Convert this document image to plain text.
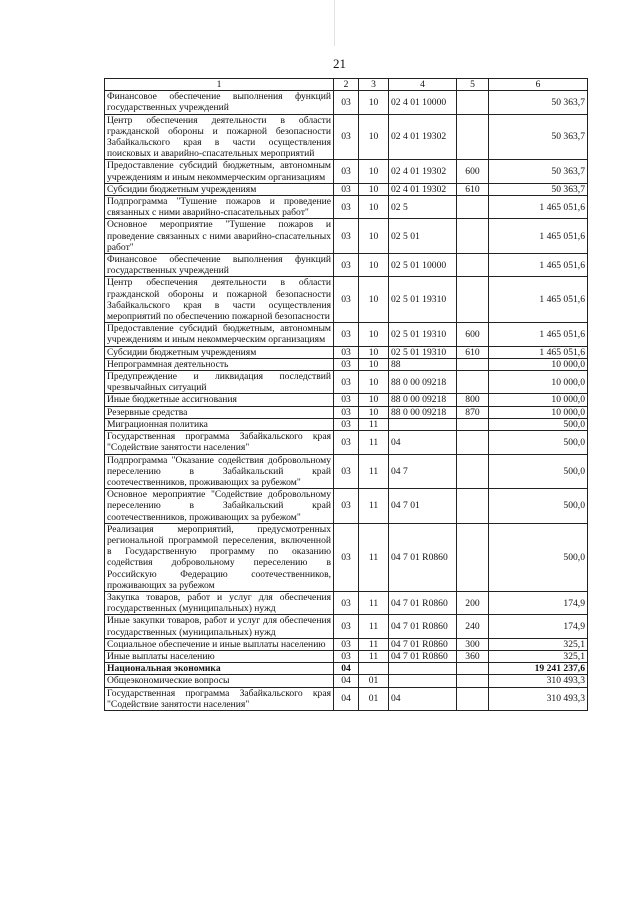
21
1	2	3	4	5	6
Финансовое обеспечение выполнения функций государственных учреждений	03	10	02 4 01 10000		50 363,7
Центр обеспечения деятельности в области гражданской обороны и пожарной безопасности Забайкальского края в части осуществления поисковых и аварийно-спасательных мероприятий	03	10	02 4 01 19302		50 363,7
Предоставление субсидий бюджетным, автономным учреждениям и иным некоммерческим организациям	03	10	02 4 01 19302	600	50 363,7
Субсидии бюджетным учреждениям	03	10	02 4 01 19302	610	50 363,7
Подпрограмма "Тушение пожаров и проведение связанных с ними аварийно-спасательных работ"	03	10	02 5		1 465 051,6
Основное мероприятие "Тушение пожаров и проведение связанных с ними аварийно-спасательных работ"	03	10	02 5 01		1 465 051,6
Финансовое обеспечение выполнения функций государственных учреждений	03	10	02 5 01 10000		1 465 051,6
Центр обеспечения деятельности в области гражданской обороны и пожарной безопасности Забайкальского края в части осуществления мероприятий по обеспечению пожарной безопасности	03	10	02 5 01 19310		1 465 051,6
Предоставление субсидий бюджетным, автономным учреждениям и иным некоммерческим организациям	03	10	02 5 01 19310	600	1 465 051,6
Субсидии бюджетным учреждениям	03	10	02 5 01 19310	610	1 465 051,6
Непрограммная деятельность	03	10	88		10 000,0
Предупреждение и ликвидация последствий чрезвычайных ситуаций	03	10	88 0 00 09218		10 000,0
Иные бюджетные ассигнования	03	10	88 0 00 09218	800	10 000,0
Резервные средства	03	10	88 0 00 09218	870	10 000,0
Миграционная политика	03	11			500,0
Государственная программа Забайкальского края "Содействие занятости населения"	03	11	04		500,0
Подпрограмма "Оказание содействия добровольному переселению в Забайкальский край соотечественников, проживающих за рубежом"	03	11	04 7		500,0
Основное мероприятие "Содействие добровольному переселению в Забайкальский край соотечественников, проживающих за рубежом"	03	11	04 7 01		500,0
Реализация мероприятий, предусмотренных региональной программой переселения, включенной в Государственную программу по оказанию содействия добровольному переселению в Российскую Федерацию соотечественников, проживающих за рубежом	03	11	04 7 01 R0860		500,0
Закупка товаров, работ и услуг для обеспечения государственных (муниципальных) нужд	03	11	04 7 01 R0860	200	174,9
Иные закупки товаров, работ и услуг для обеспечения государственных (муниципальных) нужд	03	11	04 7 01 R0860	240	174,9
Социальное обеспечение и иные выплаты населению	03	11	04 7 01 R0860	300	325,1
Иные выплаты населению	03	11	04 7 01 R0860	360	325,1
Национальная экономика	04				19 241 237,6
Общеэкономические вопросы	04	01			310 493,3
Государственная программа Забайкальского края "Содействие занятости населения"	04	01	04		310 493,3
